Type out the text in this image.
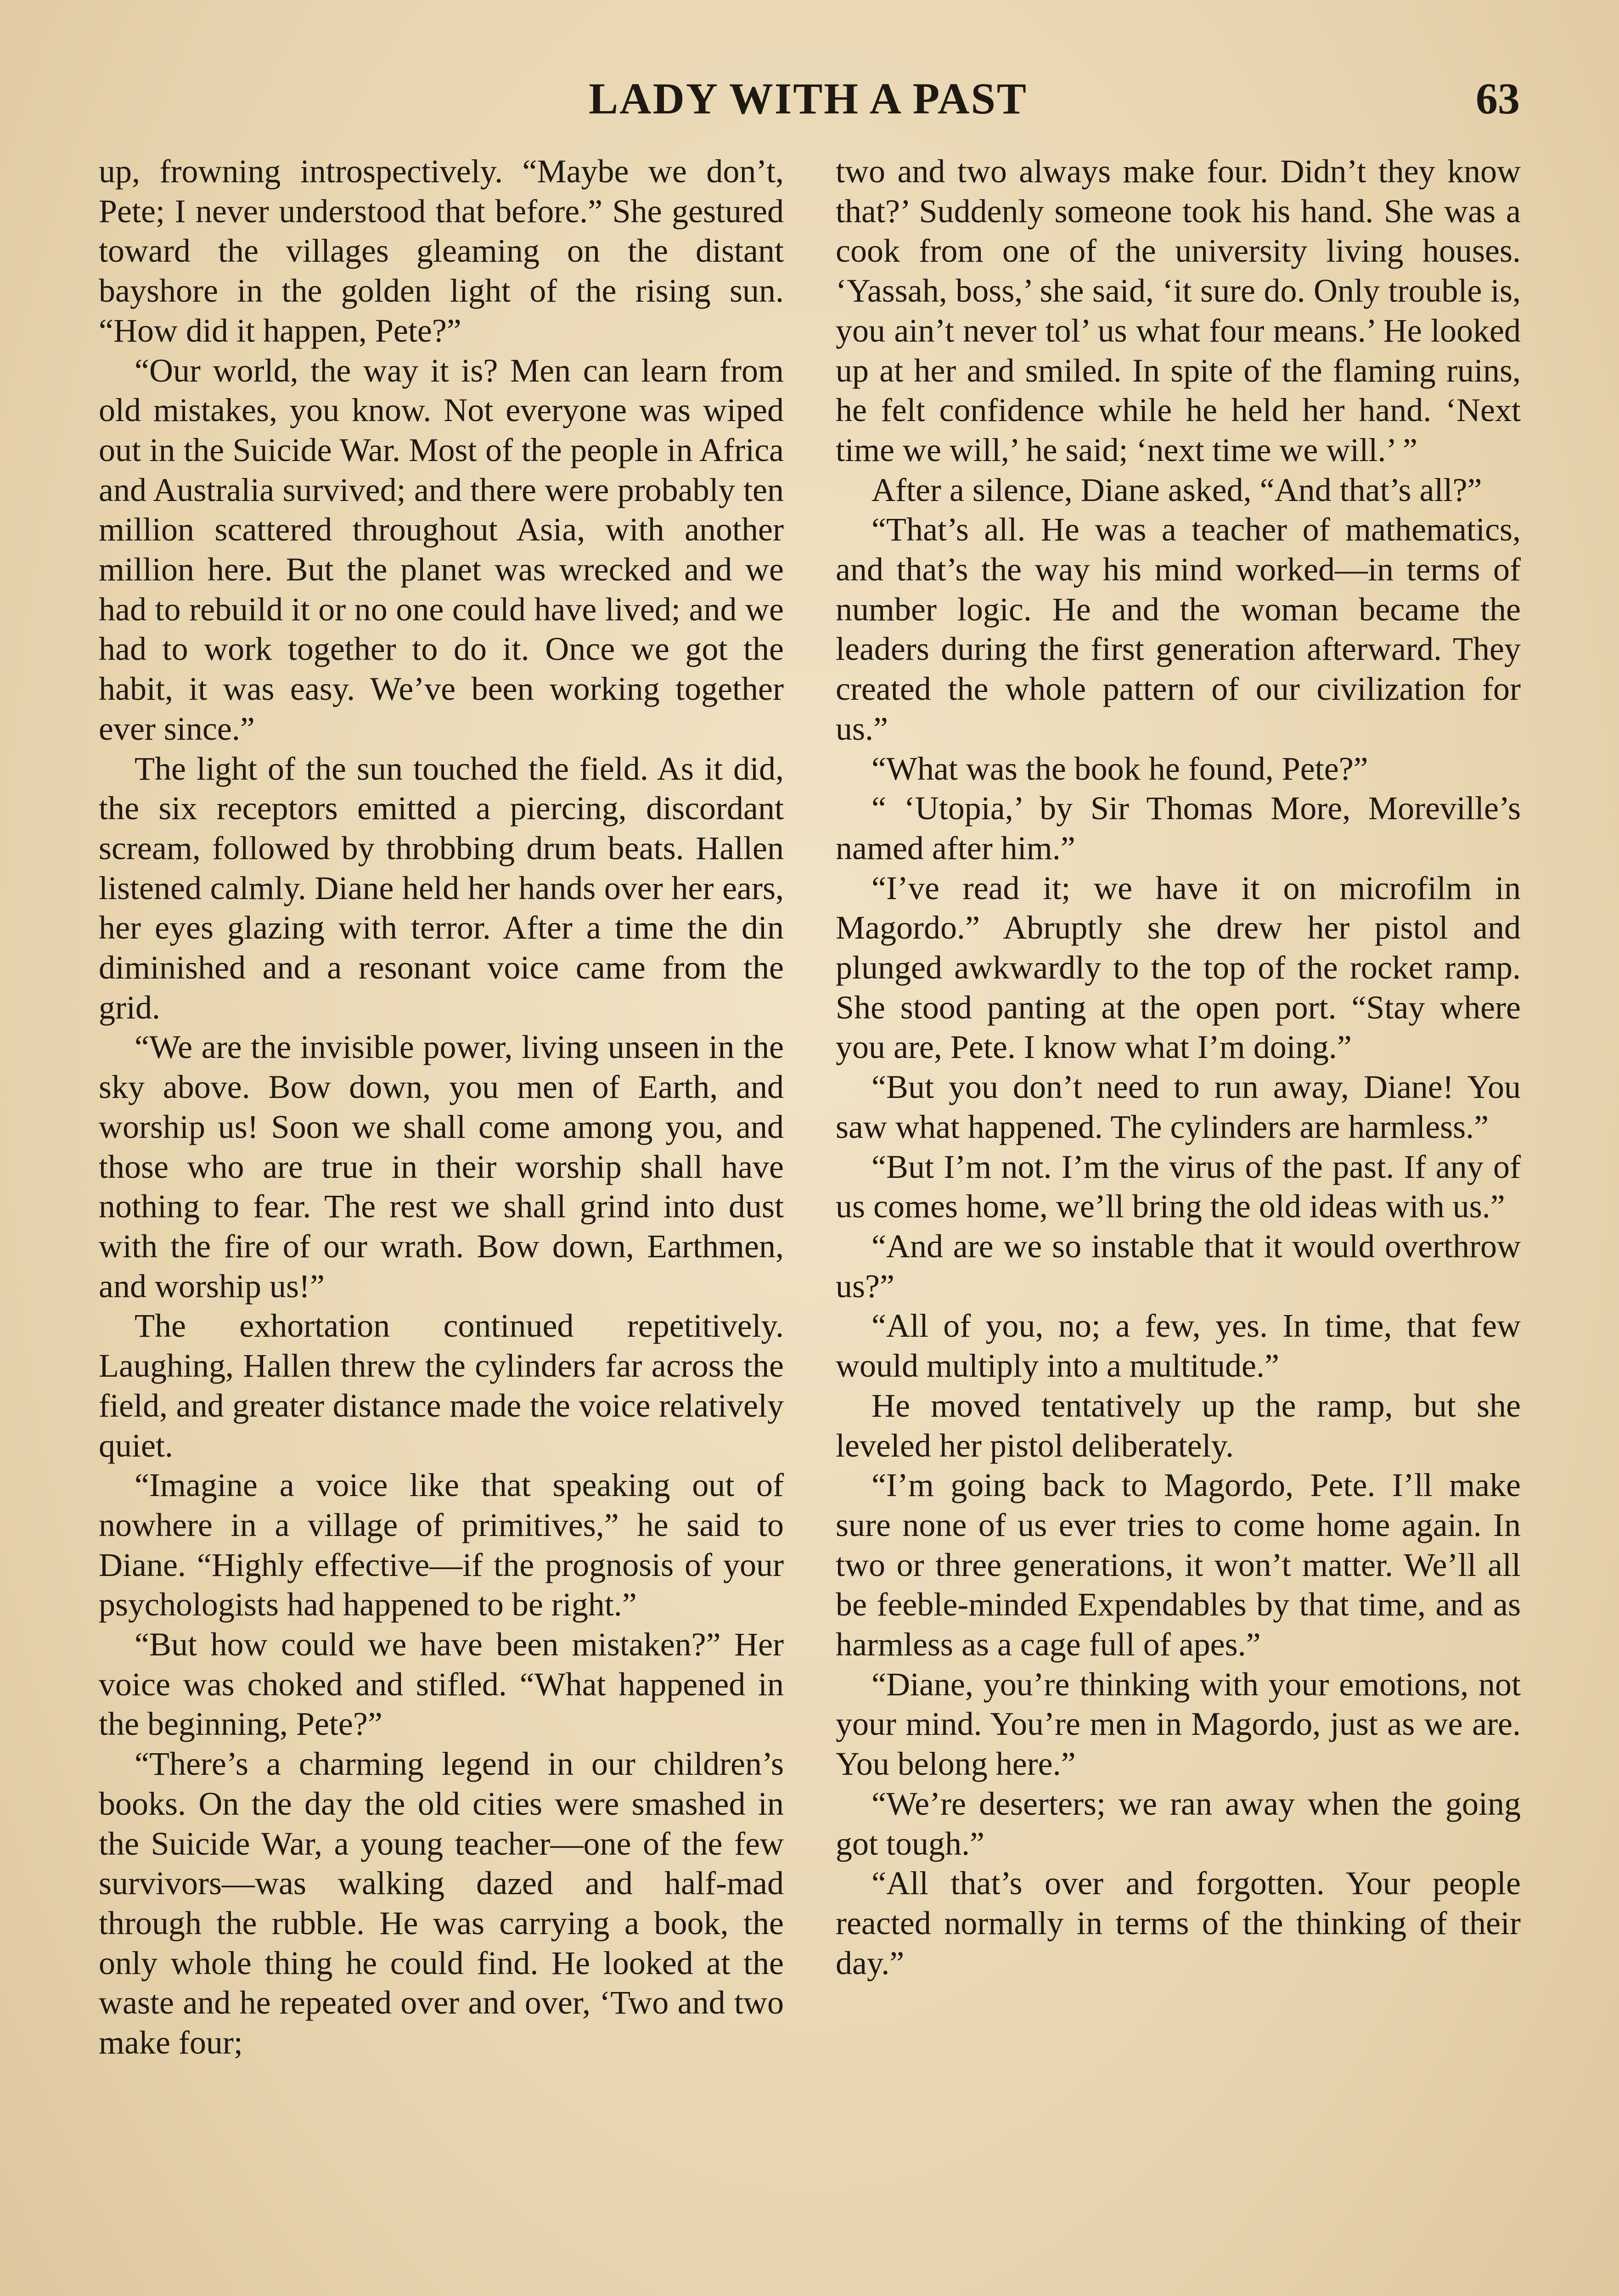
LADY WITH A PAST	63

up, frowning introspectively. “Maybe we don’t, Pete; I never understood that before.” She gestured toward the villages gleaming on the distant bayshore in the golden light of the rising sun. “How did it happen, Pete?”

“Our world, the way it is? Men can learn from old mistakes, you know. Not everyone was wiped out in the Suicide War. Most of the people in Africa and Australia survived; and there were probably ten million scattered throughout Asia, with another million here. But the planet was wrecked and we had to rebuild it or no one could have lived; and we had to work together to do it. Once we got the habit, it was easy. We’ve been working together ever since.”

The light of the sun touched the field. As it did, the six receptors emitted a piercing, discordant scream, followed by throbbing drum beats. Hallen listened calmly. Diane held her hands over her ears, her eyes glazing with terror. After a time the din diminished and a resonant voice came from the grid.

“We are the invisible power, living unseen in the sky above. Bow down, you men of Earth, and worship us! Soon we shall come among you, and those who are true in their worship shall have nothing to fear. The rest we shall grind into dust with the fire of our wrath. Bow down, Earthmen, and worship us!”

The exhortation continued repetitively. Laughing, Hallen threw the cylinders far across the field, and greater distance made the voice relatively quiet.

“Imagine a voice like that speaking out of nowhere in a village of primitives,” he said to Diane. “Highly effective—if the prognosis of your psychologists had happened to be right.”

“But how could we have been mistaken?” Her voice was choked and stifled. “What happened in the beginning, Pete?”

“There’s a charming legend in our children’s books. On the day the old cities were smashed in the Suicide War, a young teacher—one of the few survivors—was walking dazed and half-mad through the rubble. He was carrying a book, the only whole thing he could find. He looked at the waste and he repeated over and over, ‘Two and two make four;

two and two always make four. Didn’t they know that?’ Suddenly someone took his hand. She was a cook from one of the university living houses. ‘Yassah, boss,’ she said, ‘it sure do. Only trouble is, you ain’t never tol’ us what four means.’ He looked up at her and smiled. In spite of the flaming ruins, he felt confidence while he held her hand. ‘Next time we will,’ he said; ‘next time we will.’ ”

After a silence, Diane asked, “And that’s all?”

“That’s all. He was a teacher of mathematics, and that’s the way his mind worked—in terms of number logic. He and the woman became the leaders during the first generation afterward. They created the whole pattern of our civilization for us.”

“What was the book he found, Pete?”

“ ‘Utopia,’ by Sir Thomas More, Moreville’s named after him.”

“I’ve read it; we have it on microfilm in Magordo.” Abruptly she drew her pistol and plunged awkwardly to the top of the rocket ramp. She stood panting at the open port. “Stay where you are, Pete. I know what I’m doing.”

“But you don’t need to run away, Diane! You saw what happened. The cylinders are harmless.”

“But I’m not. I’m the virus of the past. If any of us comes home, we’ll bring the old ideas with us.”

“And are we so instable that it would overthrow us?”

“All of you, no; a few, yes. In time, that few would multiply into a multitude.”

He moved tentatively up the ramp, but she leveled her pistol deliberately.

“I’m going back to Magordo, Pete. I’ll make sure none of us ever tries to come home again. In two or three generations, it won’t matter. We’ll all be feeble-minded Expendables by that time, and as harmless as a cage full of apes.”

“Diane, you’re thinking with your emotions, not your mind. You’re men in Magordo, just as we are. You belong here.”

“We’re deserters; we ran away when the going got tough.”

“All that’s over and forgotten. Your people reacted normally in terms of the thinking of their day.”
